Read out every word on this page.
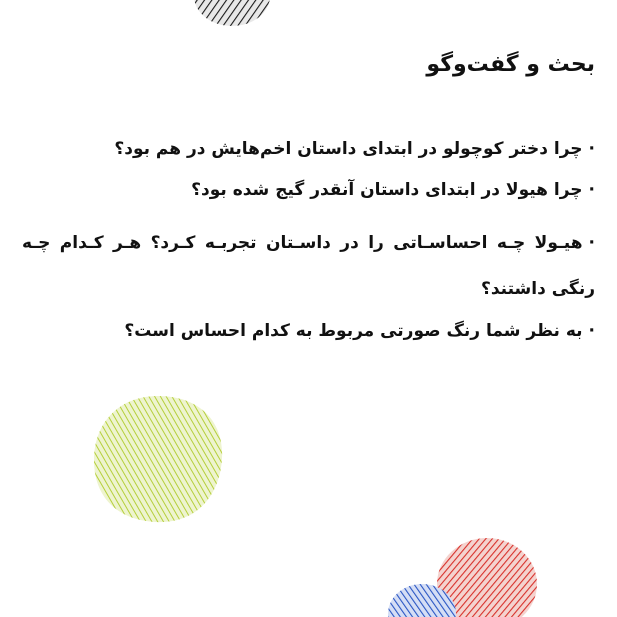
بحث و گفت‌وگو
·چرا دختر کوچولو در ابتدای داستان اخم‌هایش در هم بود؟
·چرا هیولا در ابتدای داستان آنقدر گیج شده بود؟
·هیـولا چـه احساسـاتی را در داسـتان تجربـه کـرد؟ هـر کـدام چـه رنگی داشتند؟
·به نظر شما رنگ صورتی مربوط به کدام احساس است؟
